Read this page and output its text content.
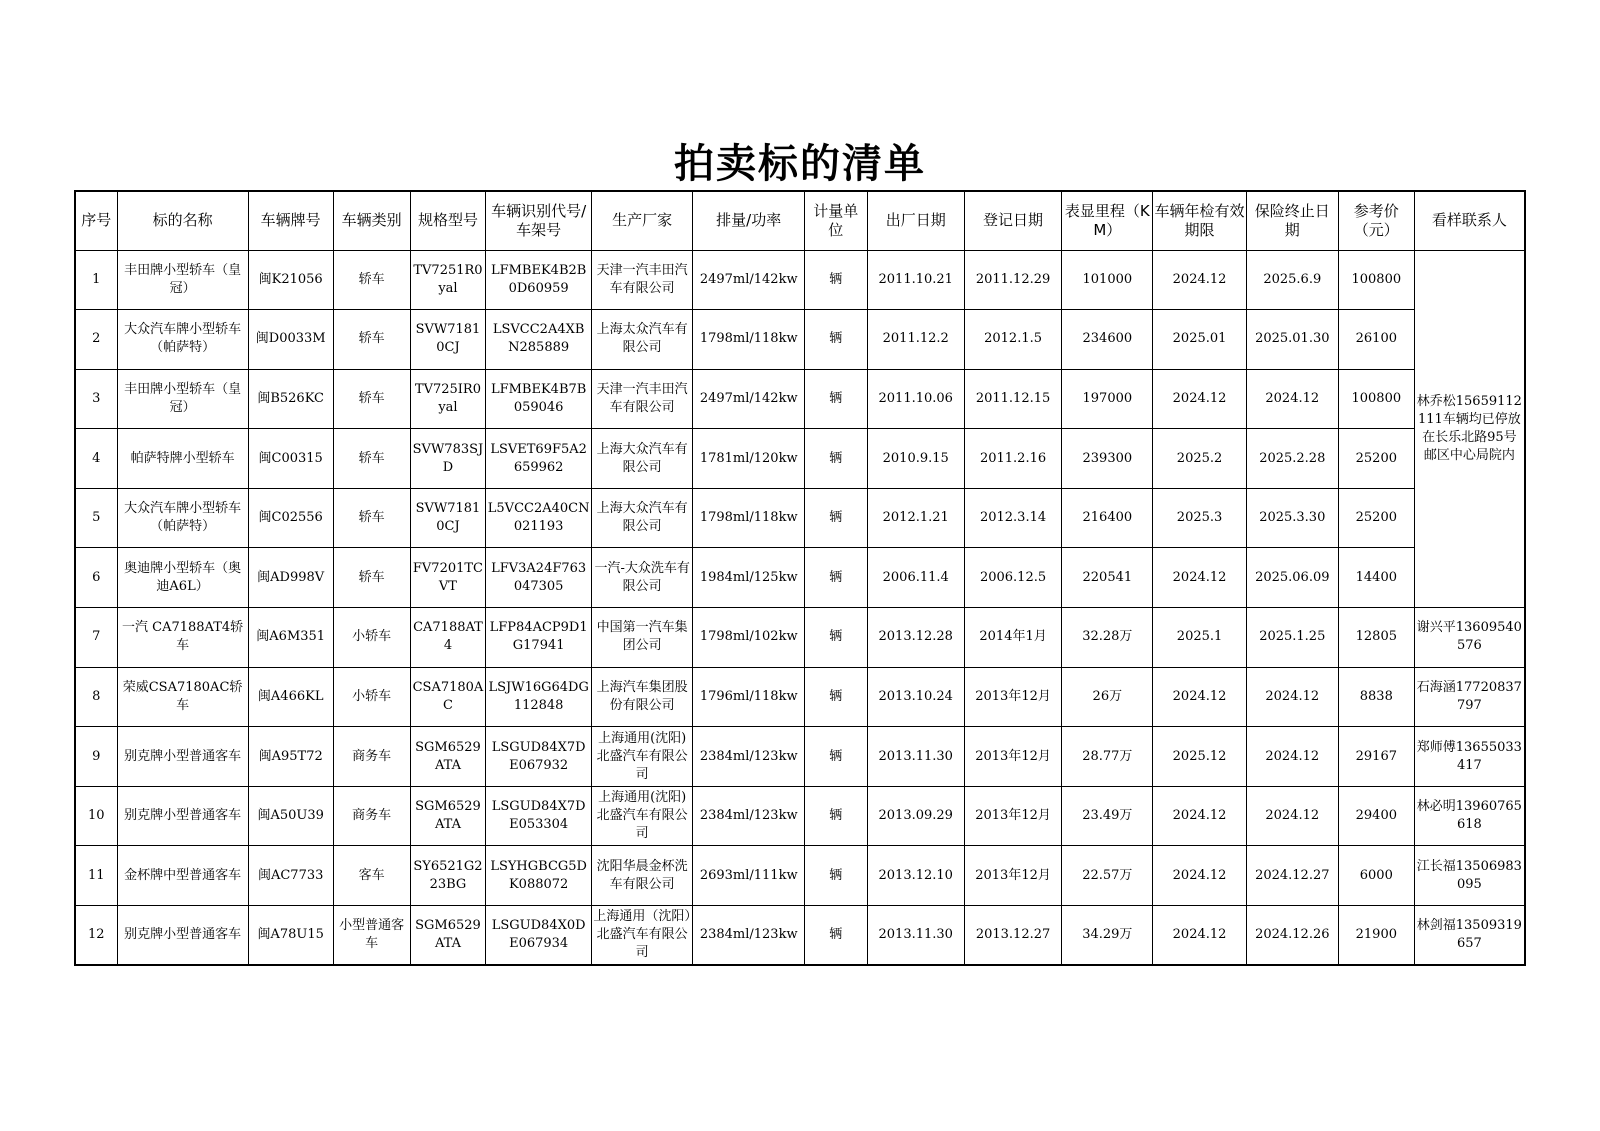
拍卖标的清单
序号	标的名称	车辆牌号	车辆类别	规格型号	车辆识别代号/　车架号	生产厂家	排量/功率	计量单位	出厂日期	登记日期	表显里程（KM）	车辆年检有效期限	保险终止日期	参考价（元）	看样联系人
1	丰田牌小型轿车（皇冠）	闽K21056	轿车	TV7251R0yal	LFMBEK4B2B0D60959	天津一汽丰田汽车有限公司	2497ml/142kw	辆	2011.10.21	2011.12.29	101000	2024.12	2025.6.9	100800	林乔松15659112111车辆均已停放在长乐北路95号邮区中心局院内
2	大众汽车牌小型轿车（帕萨特）	闽D0033M	轿车	SVW71810CJ	LSVCC2A4XBN285889	上海太众汽车有限公司	1798ml/118kw	辆	2011.12.2	2012.1.5	234600	2025.01	2025.01.30	26100	
3	丰田牌小型轿车（皇冠）	闽B526KC	轿车	TV725IR0yal	LFMBEK4B7B059046	天津一汽丰田汽车有限公司	2497ml/142kw	辆	2011.10.06	2011.12.15	197000	2024.12	2024.12	100800	
4	帕萨特牌小型轿车	闽C00315	轿车	SVW783SJD	LSVET69F5A2659962	上海大众汽车有限公司	1781ml/120kw	辆	2010.9.15	2011.2.16	239300	2025.2	2025.2.28	25200	
5	大众汽车牌小型轿车（帕萨特）	闽C02556	轿车	SVW71810CJ	L5VCC2A40CN021193	上海大众汽车有限公司	1798ml/118kw	辆	2012.1.21	2012.3.14	216400	2025.3	2025.3.30	25200	
6	奥迪牌小型轿车（奥迪A6L）	闽AD998V	轿车	FV7201TCVT	LFV3A24F763047305	一汽-大众洗车有限公司	1984ml/125kw	辆	2006.11.4	2006.12.5	220541	2024.12	2025.06.09	14400	
7	一汽 CA7188AT4轿车	闽A6M351	小轿车	CA7188AT4	LFP84ACP9D1G17941	中国第一汽车集团公司	1798ml/102kw	辆	2013.12.28	2014年1月	32.28万	2025.1	2025.1.25	12805	谢兴平13609540576
8	荣威CSA7180AC轿车	闽A466KL	小轿车	CSA7180AC	LSJW16G64DG112848	上海汽车集团股份有限公司	1796ml/118kw	辆	2013.10.24	2013年12月	26万	2024.12	2024.12	8838	石海涵17720837797
9	别克牌小型普通客车	闽A95T72	商务车	SGM6529ATA	LSGUD84X7DE067932	上海通用(沈阳)北盛汽车有限公司	2384ml/123kw	辆	2013.11.30	2013年12月	28.77万	2025.12	2024.12	29167	郑师傅13655033417
10	别克牌小型普通客车	闽A50U39	商务车	SGM6529ATA	LSGUD84X7DE053304	上海通用(沈阳)北盛汽车有限公司	2384ml/123kw	辆	2013.09.29	2013年12月	23.49万	2024.12	2024.12	29400	林必明13960765618
11	金杯牌中型普通客车	闽AC7733	客车	SY6521G223BG	LSYHGBCG5DK088072	沈阳华晨金杯洗车有限公司	2693ml/111kw	辆	2013.12.10	2013年12月	22.57万	2024.12	2024.12.27	6000	江长福13506983095
12	别克牌小型普通客车	闽A78U15	小型普通客车	SGM6529ATA	LSGUD84X0DE067934	上海通用（沈阳）北盛汽车有限公司	2384ml/123kw	辆	2013.11.30	2013.12.27	34.29万	2024.12	2024.12.26	21900	林剑福13509319657
